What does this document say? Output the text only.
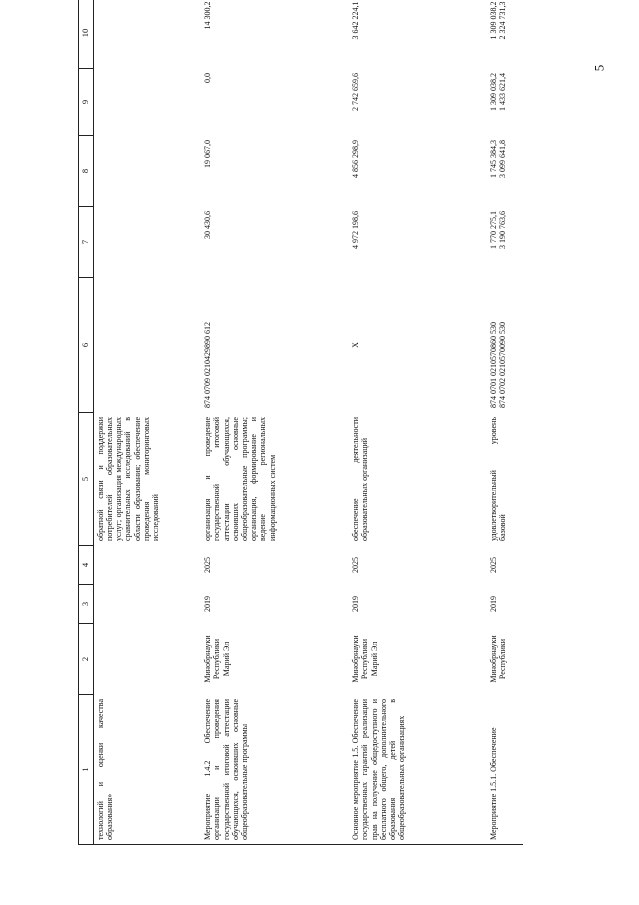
5
1	2	3	4	5	6	7	8	9	10
технологий и оценки качества образования»				обратной связи и поддержки потребителей образовательных услуг; организация международных сравнительных исследований в области образования; обеспечение проведения мониторинговых исследований					
Мероприятие 1.4.2 Обеспечение организации и проведения государственной итоговой аттестации обучающихся, освоивших основные общеобразовательные программы	Минобрнауки Республики Марий Эл	2019	2025	организация и проведение государственной итоговой аттестации обучающихся, освоивших основные общеобразовательные программы; организация, формирование и ведение региональных информационных систем	874 0709 0210429890 612	30 430,6	19 067,0	0,0	14 300,2

Основное мероприятие 1.5. Обеспечение государственных гарантий реализации прав на получение общедоступного и бесплатного общего, дополнительного образования детей в общеобразовательных организациях	Минобрнауки Республики Марий Эл	2019	2025	обеспечение деятельности образовательных организаций	X	4 972 198,6	4 856 298,9	2 742 659,6	3 642 224,1

Мероприятие 1.5.1. Обеспечение	Минобрнауки Республики	2019	2025	удовлетворительный уровень базовой	874 0701 0210570860 530 874 0702 0210570090 530	1 770 275,1 3 190 763,6	1 745 384,3 3 099 641,8	1 309 038,2 1 433 621,4	1 309 038,2 2 324 731,3
